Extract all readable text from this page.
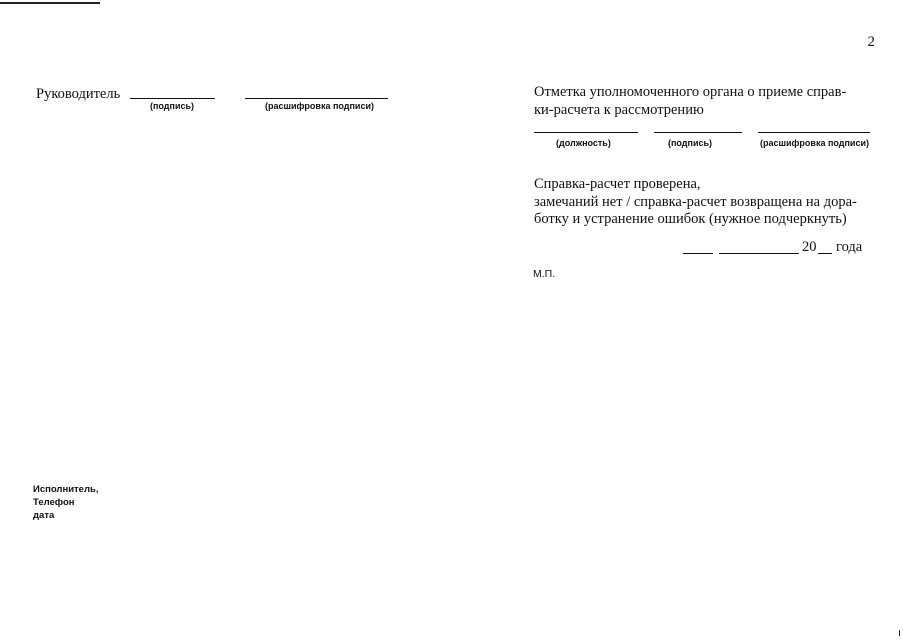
2
Руководитель
(подпись)	(расшифровка подписи)
Отметка уполномоченного органа о приеме справ-
ки-расчета к рассмотрению
(должность)	(подпись)	(расшифровка подписи)
Справка-расчет проверена,
замечаний нет / справка-расчет возвращена на дора-
ботку и устранение ошибок (нужное подчеркнуть)
20 года
М.П.
Исполнитель,
Телефон
дата
